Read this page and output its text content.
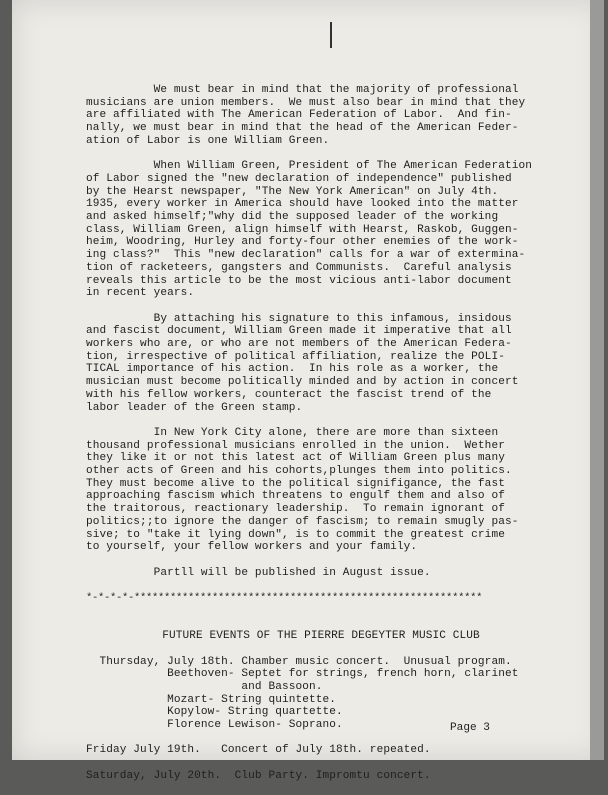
We must bear in mind that the majority of professional
musicians are union members.  We must also bear in mind that they
are affiliated with The American Federation of Labor.  And fin-
nally, we must bear in mind that the head of the American Feder-
ation of Labor is one William Green.

When William Green, President of The American Federation
of Labor signed the "new declaration of independence" published
by the Hearst newspaper, "The New York American" on July 4th.
1935, every worker in America should have looked into the matter
and asked himself;"why did the supposed leader of the working
class, William Green, align himself with Hearst, Raskob, Guggen-
heim, Woodring, Hurley and forty-four other enemies of the work-
ing class?"  This "new declaration" calls for a war of extermina-
tion of racketeers, gangsters and Communists.  Careful analysis
reveals this article to be the most vicious anti-labor document
in recent years.

By attaching his signature to this infamous, insidous
and fascist document, William Green made it imperative that all
workers who are, or who are not members of the American Federa-
tion, irrespective of political affiliation, realize the POLI-
TICAL importance of his action.  In his role as a worker, the
musician must become politically minded and by action in concert
with his fellow workers, counteract the fascist trend of the
labor leader of the Green stamp.

In New York City alone, there are more than sixteen
thousand professional musicians enrolled in the union.  Wether
they like it or not this latest act of William Green plus many
other acts of Green and his cohorts,plunges them into politics.
They must become alive to the political signifigance, the fast
approaching fascism which threatens to engulf them and also of
the traitorous, reactionary leadership.  To remain ignorant of
politics;;to ignore the danger of fascism; to remain smugly pas-
sive; to "take it lying down", is to commit the greatest crime
to yourself, your fellow workers and your family.

Partll will be published in August issue.

*-*-*-*-**********************************************************

FUTURE EVENTS OF THE PIERRE DEGEYTER MUSIC CLUB

Thursday, July 18th. Chamber music concert.  Unusual program.
Beethoven- Septet for strings, french horn, clarinet
and Bassoon.
Mozart- String quintette.
Kopylow- String quartette.
Florence Lewison- Soprano.

Friday July 19th.   Concert of July 18th. repeated.

Saturday, July 20th.  Club Party. Impromtu concert.

Page 3
